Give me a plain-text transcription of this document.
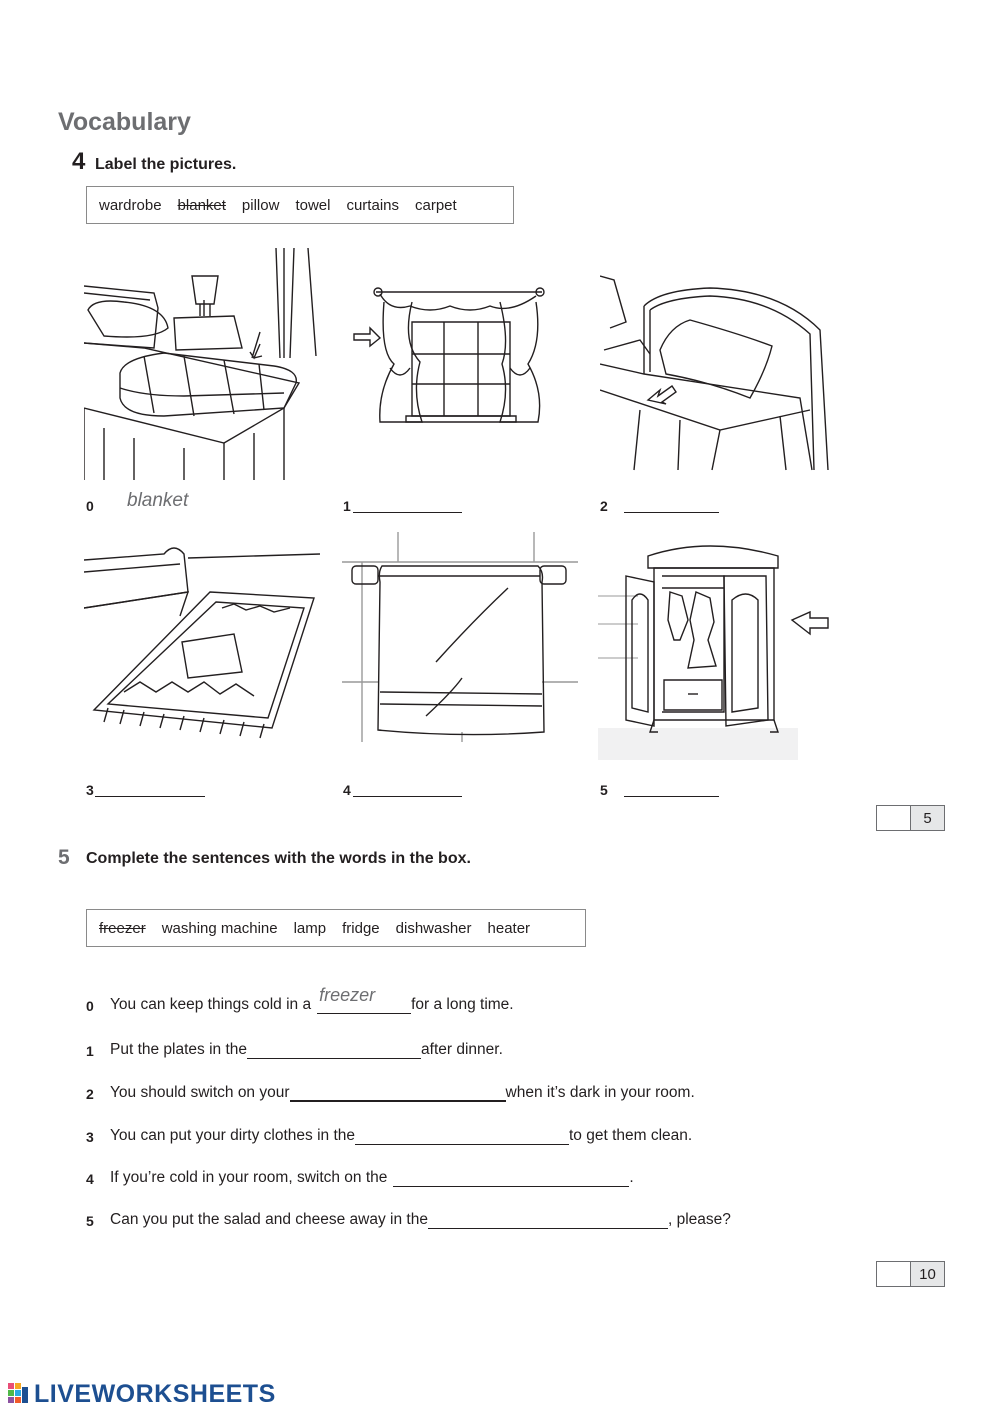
Vocabulary
4 Label the pictures.
wardrobe blanket pillow towel curtains carpet
0 blanket	1	2
3	4	5
5
5 Complete the sentences with the words in the box.
freezer washing machine lamp fridge dishwasher heater
0	You can keep things cold in a freezer for a long time.
1	Put the plates in the	after dinner.
2	You should switch on your	when it’s dark in your room.
3	You can put your dirty clothes in the	to get them clean.
4	If you’re cold in your room, switch on the	.
5	Can you put the salad and cheese away in the	, please?
10
LIVEWORKSHEETS
